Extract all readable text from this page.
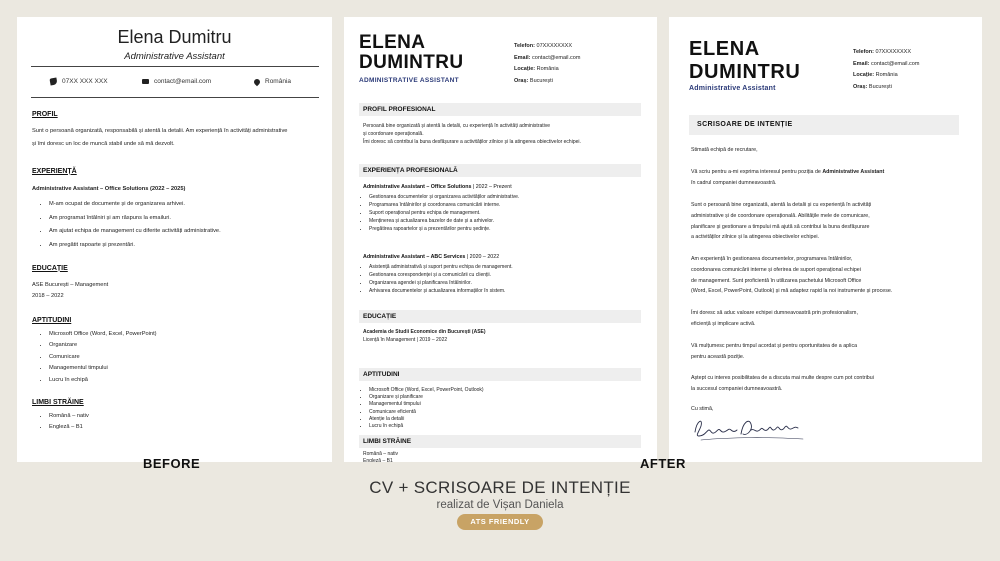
Elena Dumitru
Administrative Assistant
07XX XXX XXX	contact@email.com	România
PROFIL
Sunt o persoană organizată, responsabilă și atentă la detalii. Am experiență în activități administrative
și îmi doresc un loc de muncă stabil unde să mă dezvolt.
EXPERIENȚĂ
Administrative Assistant – Office Solutions (2022 – 2025)
• M-am ocupat de documente și de organizarea arhivei.
• Am programat întâlniri și am răspuns la emailuri.
• Am ajutat echipa de management cu diferite activități administrative.
• Am pregătit rapoarte și prezentări.
EDUCAȚIE
ASE București – Management
2018 – 2022
APTITUDINI
• Microsoft Office (Word, Excel, PowerPoint)
• Organizare
• Comunicare
• Managementul timpului
• Lucru în echipă
LIMBI STRĂINE
• Română – nativ
• Engleză – B1
ELENA
DUMINTRU
ADMINISTRATIVE ASSISTANT
Telefon: 07XXXXXXXX
Email: contact@email.com
Locație: România
Oraș: București
PROFIL PROFESIONAL
Persoană bine organizată și atentă la detalii, cu experiență în activități administrative
și coordonare operațională.
Îmi doresc să contribui la buna desfășurare a activităților zilnice și la atingerea obiectivelor echipei.
EXPERIENȚA PROFESIONALĂ
Administrative Assistant – Office Solutions | 2022 – Prezent
• Gestionarea documentelor și organizarea activităților administrative.
• Programarea întâlnirilor și coordonarea comunicării interne.
• Suport operațional pentru echipa de management.
• Menținerea și actualizarea bazelor de date și a arhivelor.
• Pregătirea rapoartelor și a prezentărilor pentru ședințe.
Administrative Assistant – ABC Services | 2020 – 2022
• Asistență administrativă și suport pentru echipa de management.
• Gestionarea corespondenței și a comunicării cu clienții.
• Organizarea agendei și planificarea întâlnirilor.
• Arhivarea documentelor și actualizarea informațiilor în sistem.
EDUCAȚIE
Academia de Studii Economice din București (ASE)
Licență în Management | 2019 – 2022
APTITUDINI
• Microsoft Office (Word, Excel, PowerPoint, Outlook)
• Organizare și planificare
• Managementul timpului
• Comunicare eficientă
• Atenție la detalii
• Lucru în echipă
LIMBI STRĂINE
Română – nativ
Engleză – B1
ELENA
DUMINTRU
Administrative Assistant
Telefon: 07XXXXXXXX
Email: contact@email.com
Locație: România
Oraș: București
SCRISOARE DE INTENȚIE
Stimată echipă de recrutare,
Vă scriu pentru a-mi exprima interesul pentru poziția de Administrative Assistant
în cadrul companiei dumneavoastră.
Sunt o persoană bine organizată, atentă la detalii și cu experiență în activități
administrative și de coordonare operațională. Abilitățile mele de comunicare,
planificare și gestionare a timpului mă ajută să contribui la buna desfășurare
a activităților zilnice și la atingerea obiectivelor echipei.
Am experiență în gestionarea documentelor, programarea întâlnirilor,
coordonarea comunicării interne și oferirea de suport operațional echipei
de management. Sunt proficientă în utilizarea pachetului Microsoft Office
(Word, Excel, PowerPoint, Outlook) și mă adaptez rapid la noi instrumente și procese.
Îmi doresc să aduc valoare echipei dumneavoastră prin profesionalism,
eficiență și implicare activă.
Vă mulțumesc pentru timpul acordat și pentru oportunitatea de a aplica
pentru această poziție.
Aștept cu interes posibilitatea de a discuta mai multe despre cum pot contribui
la succesul companiei dumneavoastră.
Cu stimă,
BEFORE	AFTER
CV + SCRISOARE DE INTENȚIE
realizat de Vișan Daniela
ATS FRIENDLY
